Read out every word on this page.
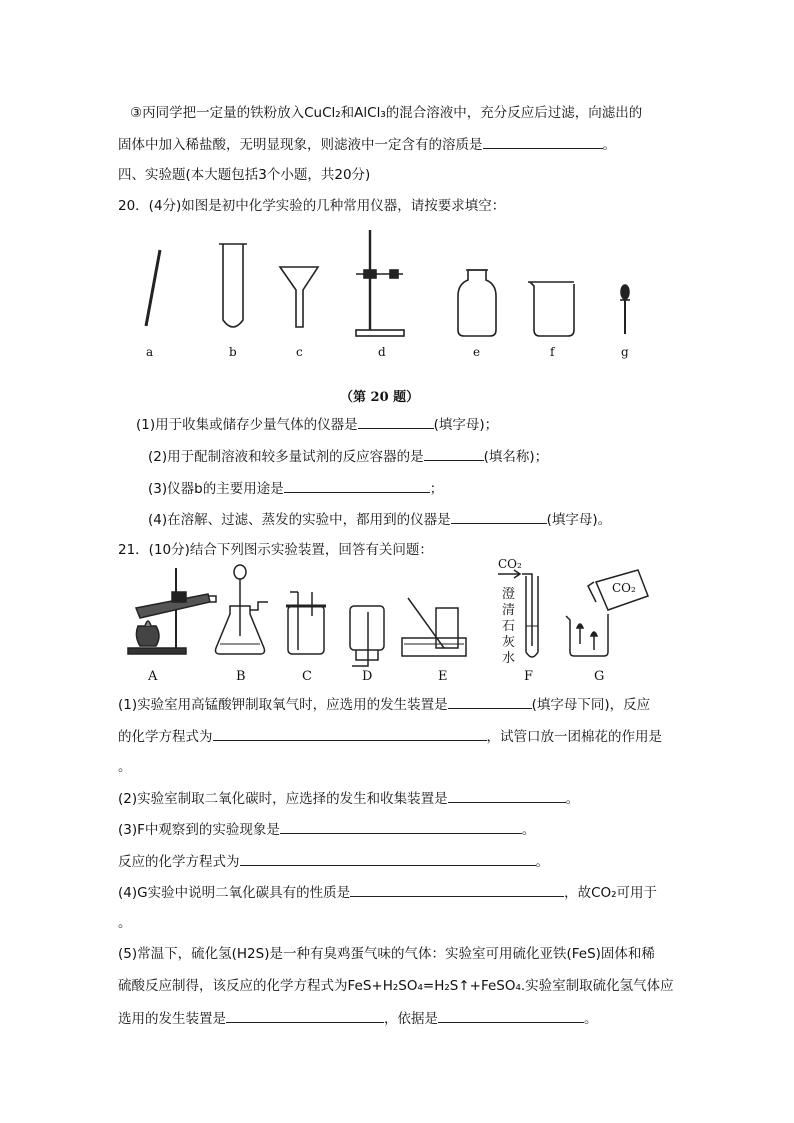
③丙同学把一定量的铁粉放入CuCl₂和AlCl₃的混合溶液中，充分反应后过滤，向滤出的
固体中加入稀盐酸，无明显现象，则滤液中一定含有的溶质是	。
四、实验题(本大题包括3个小题，共20分)
20．(4分)如图是初中化学实验的几种常用仪器，请按要求填空：
a	b	c	d	e	f	g
（第 20 题）
(1)用于收集或储存少量气体的仪器是	(填字母)；
(2)用于配制溶液和较多量试剂的反应容器的是	(填名称)；
(3)仪器b的主要用途是	；
(4)在溶解、过滤、蒸发的实验中，都用到的仪器是	(填字母)。
21．(10分)结合下列图示实验装置，回答有关问题：
CO₂
CO₂
澄
清
石
灰
水
A	B	C	D	E	F	G
(1)实验室用高锰酸钾制取氧气时，应选用的发生装置是	(填字母下同)，反应
的化学方程式为	，试管口放一团棉花的作用是
。
(2)实验室制取二氧化碳时，应选择的发生和收集装置是	。
(3)F中观察到的实验现象是	。
反应的化学方程式为	。
(4)G实验中说明二氧化碳具有的性质是	，故CO₂可用于
。
(5)常温下，硫化氢(H2S)是一种有臭鸡蛋气味的气体：实验室可用硫化亚铁(FeS)固体和稀
硫酸反应制得，该反应的化学方程式为FeS+H₂SO₄=H₂S↑+FeSO₄.实验室制取硫化氢气体应
选用的发生装置是	，依据是	。
